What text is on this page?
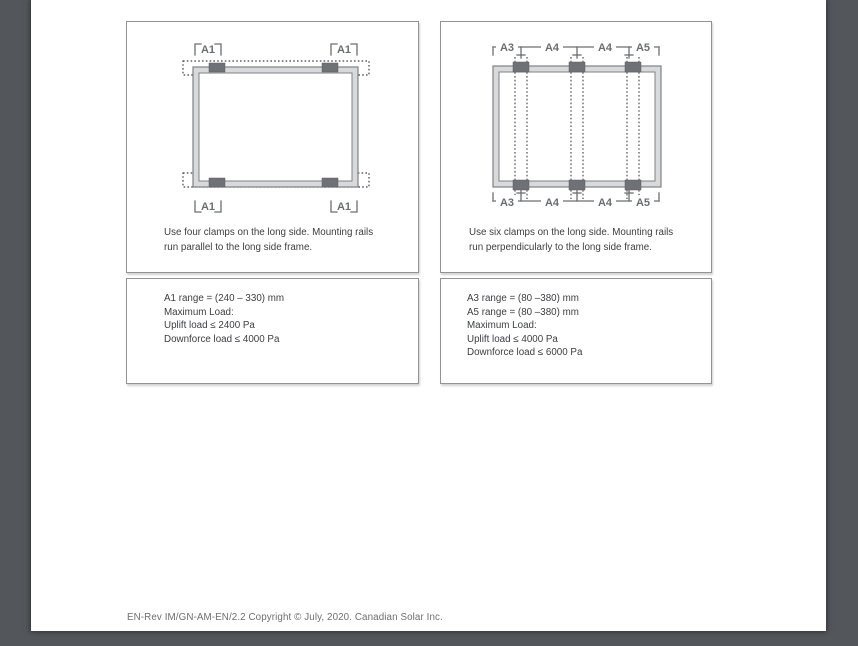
A1	A1
A1	A1
Use four clamps on the long side. Mounting rails
run parallel to the long side frame.
A3	A4	A4 A5
A3	A4	A4 A5
Use six clamps on the long side. Mounting rails
run perpendicularly to the long side frame.
A1 range = (240 – 330) mm
Maximum Load:
Uplift load ≤ 2400 Pa
Downforce load ≤ 4000 Pa
A3 range = (80 –380) mm
A5 range = (80 –380) mm
Maximum Load:
Uplift load ≤ 4000 Pa
Downforce load ≤ 6000 Pa
EN-Rev IM/GN-AM-EN/2.2 Copyright © July, 2020. Canadian Solar Inc.
